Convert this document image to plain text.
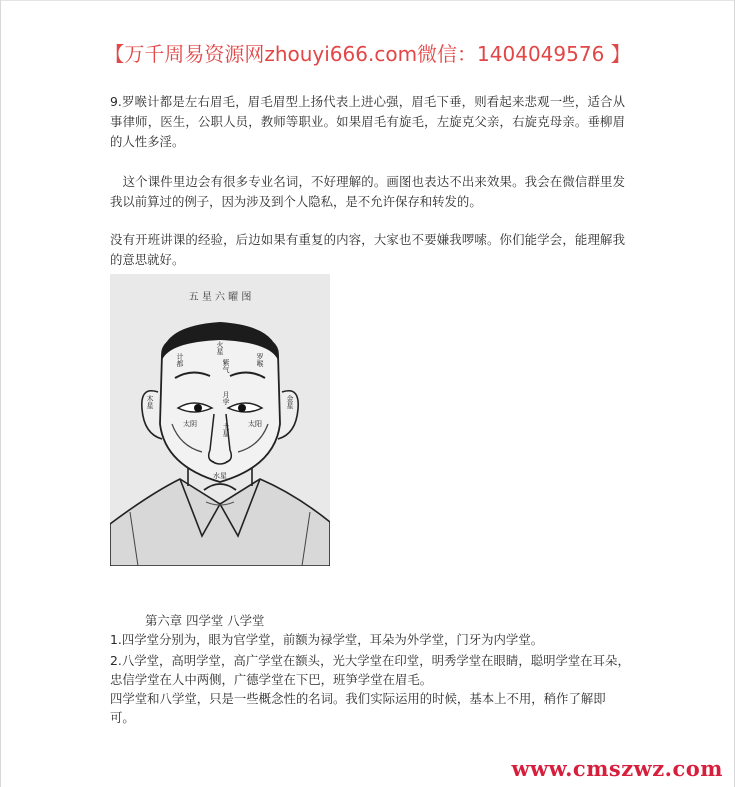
【万千周易资源网zhouyi666.com微信：1404049576 】
9.罗喉计都是左右眉毛，眉毛眉型上扬代表上进心强，眉毛下垂，则看起来悲观一些，适合从事律师，医生，公职人员，教师等职业。如果眉毛有旋毛，左旋克父亲，右旋克母亲。垂柳眉的人性多淫。
　这个课件里边会有很多专业名词，不好理解的。画图也表达不出来效果。我会在微信群里发我以前算过的例子，因为涉及到个人隐私，是不允许保存和转发的。
没有开班讲课的经验，后边如果有重复的内容，大家也不要嫌我啰嗦。你们能学会，能理解我的意思就好。
五 星 六 曜 图
火星
计都	罗喉
紫气
月孛
木星	金星
太阴	太阳
土星
水星
第六章 四学堂 八学堂
1.四学堂分别为，眼为官学堂，前额为禄学堂，耳朵为外学堂，门牙为内学堂。
2.八学堂，高明学堂，高广学堂在额头，光大学堂在印堂，明秀学堂在眼睛，聪明学堂在耳朵，忠信学堂在人中两侧，广德学堂在下巴，班笋学堂在眉毛。
四学堂和八学堂，只是一些概念性的名词。我们实际运用的时候，基本上不用，稍作了解即可。
www.cmszwz.com
